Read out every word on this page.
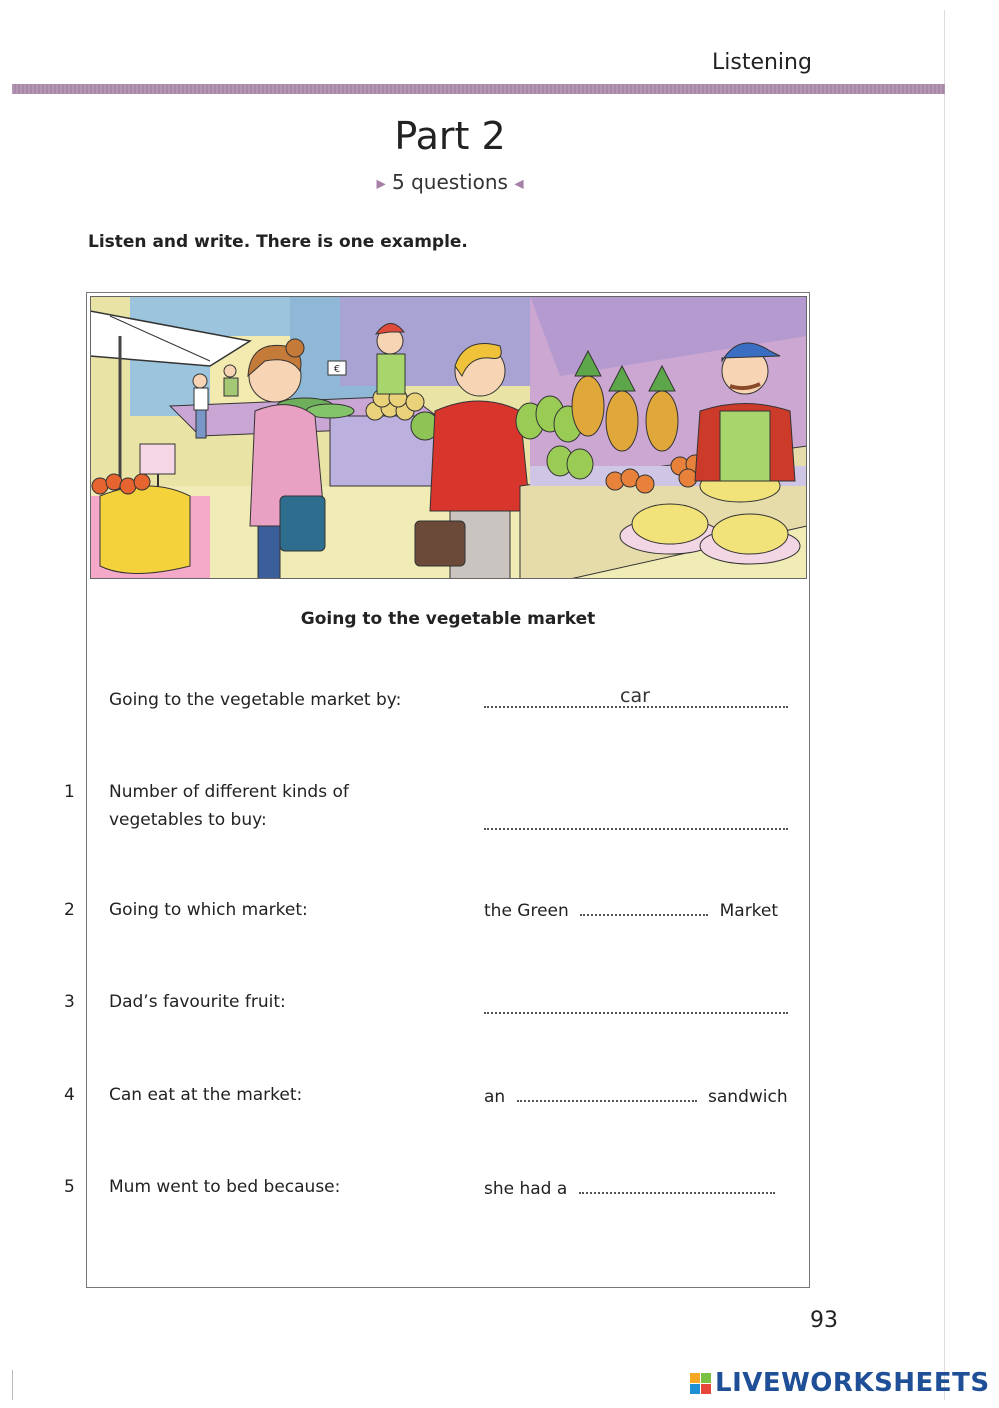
Listening
Part 2
▶ 5 questions ◀
Listen and write. There is one example.
€
Going to the vegetable market
Going to the vegetable market by:	car
1 Number of different kinds of
vegetables to buy:
2 Going to which market:	the Green	Market
3 Dad’s favourite fruit:
4 Can eat at the market:	an	sandwich
5 Mum went to bed because:	she had a
93
LIVEWORKSHEETS
